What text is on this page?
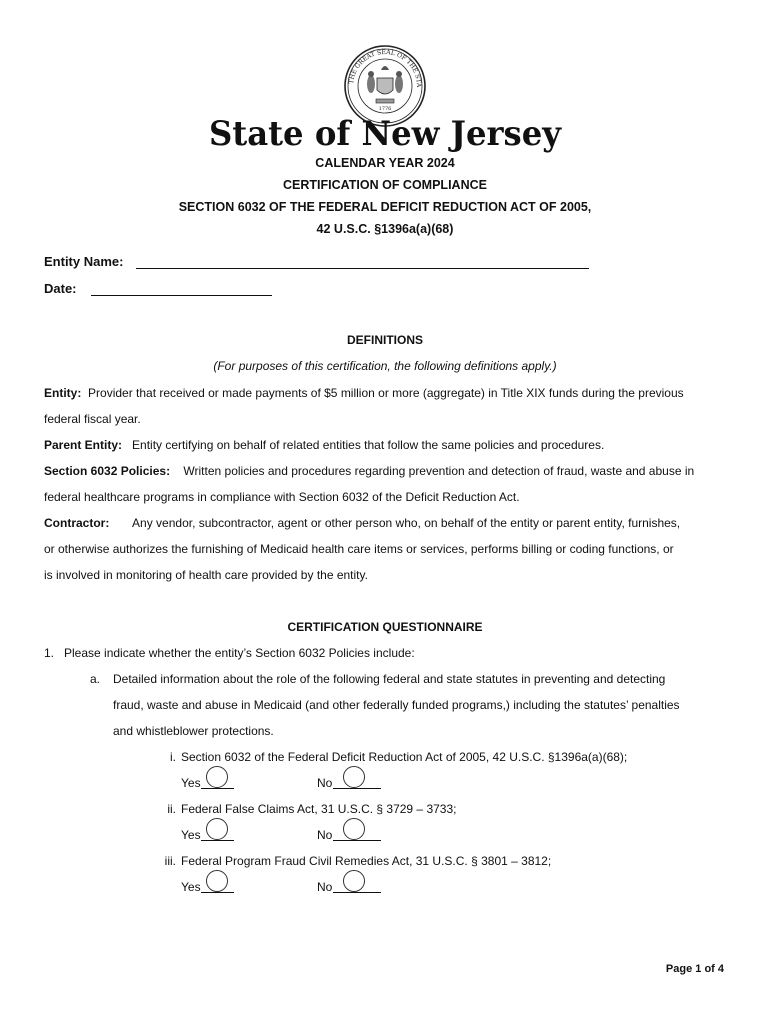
THE GREAT SEAL OF THE STA
1776
State of New Jersey
CALENDAR YEAR 2024
CERTIFICATION OF COMPLIANCE
SECTION 6032 OF THE FEDERAL DEFICIT REDUCTION ACT OF 2005,
42 U.S.C. §1396a(a)(68)
Entity Name:
Date:
DEFINITIONS
(For purposes of this certification, the following definitions apply.)
Entity: Provider that received or made payments of $5 million or more (aggregate) in Title XIX funds during the previous
federal fiscal year.
Parent Entity: Entity certifying on behalf of related entities that follow the same policies and procedures.
Section 6032 Policies: Written policies and procedures regarding prevention and detection of fraud, waste and abuse in
federal healthcare programs in compliance with Section 6032 of the Deficit Reduction Act.
Contractor: Any vendor, subcontractor, agent or other person who, on behalf of the entity or parent entity, furnishes,
or otherwise authorizes the furnishing of Medicaid health care items or services, performs billing or coding functions, or
is involved in monitoring of health care provided by the entity.
CERTIFICATION QUESTIONNAIRE
1.   Please indicate whether the entity’s Section 6032 Policies include:
a. Detailed information about the role of the following federal and state statutes in preventing and detecting
fraud, waste and abuse in Medicaid (and other federally funded programs,) including the statutes’ penalties
and whistleblower protections.
i. Section 6032 of the Federal Deficit Reduction Act of 2005, 42 U.S.C. §1396a(a)(68);
Yes	No
ii. Federal False Claims Act, 31 U.S.C. § 3729 – 3733;
Yes	No
iii. Federal Program Fraud Civil Remedies Act, 31 U.S.C. § 3801 – 3812;
Yes	No
Page 1 of 4
